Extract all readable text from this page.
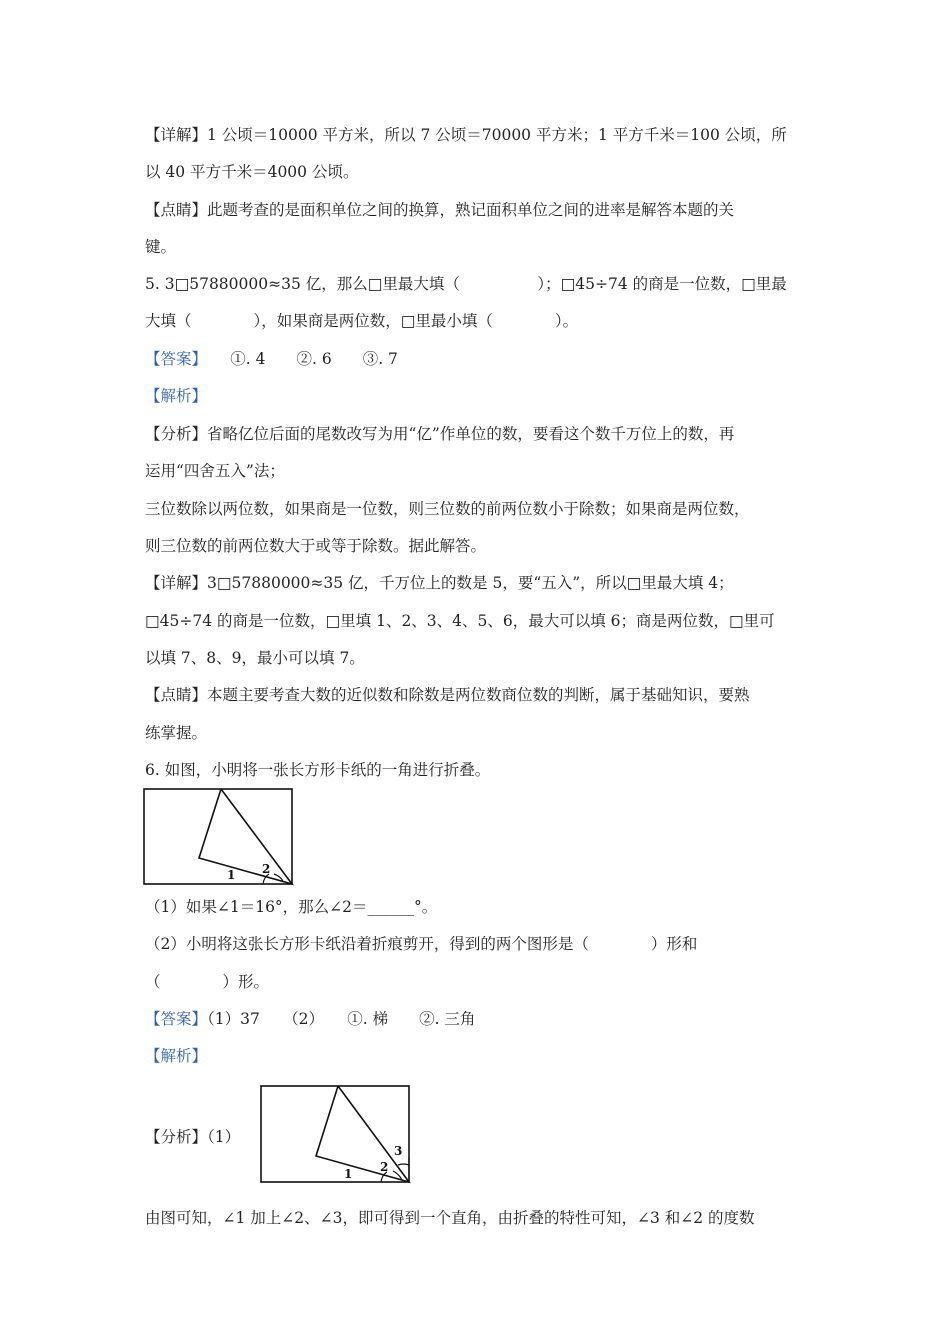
【详解】1 公顷＝10000 平方米，所以 7 公顷＝70000 平方米；1 平方千米＝100 公顷，所
以 40 平方千米＝4000 公顷。
【点睛】此题考查的是面积单位之间的换算，熟记面积单位之间的进率是解答本题的关
键。
5. 3□57880000≈35 亿，那么□里最大填（　　　　　）；□45÷74 的商是一位数，□里最
大填（　　　　），如果商是两位数，□里最小填（　　　　）。
【答案】　　①. 4　　②. 6　　③. 7
【解析】
【分析】省略亿位后面的尾数改写为用“亿”作单位的数，要看这个数千万位上的数，再
运用“四舍五入”法；
三位数除以两位数，如果商是一位数，则三位数的前两位数小于除数；如果商是两位数，
则三位数的前两位数大于或等于除数。据此解答。
【详解】3□57880000≈35 亿，千万位上的数是 5，要“五入”，所以□里最大填 4；
□45÷74 的商是一位数，□里填 1、2、3、4、5、6，最大可以填 6；商是两位数，□里可
以填 7、8、9，最小可以填 7。
【点睛】本题主要考查大数的近似数和除数是两位数商位数的判断，属于基础知识，要熟
练掌握。
6. 如图，小明将一张长方形卡纸的一角进行折叠。
1 2
（1）如果∠1＝16°，那么∠2＝______°。
（2）小明将这张长方形卡纸沿着折痕剪开，得到的两个图形是（　　　　）形和
（　　　　）形。
【答案】（1）37　　（2）　　①. 梯　　②. 三角
【解析】
【分析】（1）
1 2
3
由图可知，∠1 加上∠2、∠3，即可得到一个直角，由折叠的特性可知，∠3 和∠2 的度数
